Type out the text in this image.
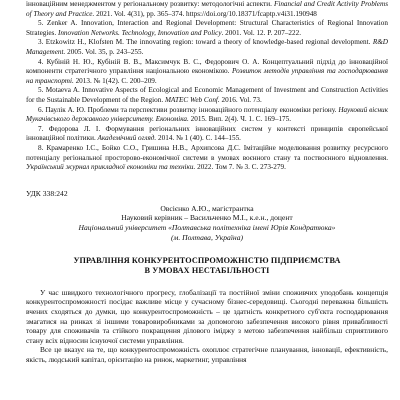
інноваційним менеджментом у регіональному розвитку: методологічні аспекти. Financial and Credit Activity Problems of Theory and Practice. 2021. Vol. 4(31), pp. 365–374. https://doi.org/10.18371/fcaptp.v4i31.190948

5. Zenker A. Innovation, Interaction and Regional Development: Structural Characteristics of Regional Innovation Strategies. Innovation Networks. Technology, Innovation and Policy. 2001. Vol. 12. P. 207–222.

3. Etzkowitz H., Klofsten M. The innovating region: toward a theory of knowledge-based regional development. R&D Management. 2005. Vol. 35, p. 243–255.

4. Кубіній Н. Ю., Кубіній В. В., Максимчук В. С., Федорович О. А. Концептуальний підхід до інноваційної компоненти стратегічного управління національною економікою. Розвиток методів управління та господарювання на транспорті. 2013. № 1(42). C. 200–209.

5. Motaeva A. Innovative Aspects of Ecological and Economic Management of Investment and Construction Activities for the Sustainable Development of the Region. MATEC Web Conf. 2016. Vol. 73.

6. Паулік А. Ю. Проблеми та перспективи розвитку інноваційного потенціалу економіки регіону. Науковий вісник Мукачівського державного університету. Економіка. 2015. Вип. 2(4). Ч. 1. С. 169–175.

7. Федорова Л. І. Формування регіональних інноваційних систем у контексті принципів європейської інноваційної політики. Академічний огляд. 2014. № 1 (40). С. 144–155.

8. Крамаренко І.С., Бойко С.О., Гришина Н.В., Архипсова Д.С. Імітаційне моделювання розвитку ресурсного потенціалу регіональної просторово-економічної системи в умовах воєнного стану та поствоєнного відновлення. Український журнал прикладної економіки та техніки. 2022. Том 7. № 3. С. 273-279.

УДК 338:242
Овсієнко А.Ю., магістрантка
Науковий керівник – Васильченко М.І., к.е.н., доцент
Національний університет «Полтавська політехніка імені Юрія Кондратюка»
(м. Полтава, Україна)
УПРАВЛІННЯ КОНКУРЕНТОСПРОМОЖНІСТЮ ПІДПРИЄМСТВА
В УМОВАХ НЕСТАБІЛЬНОСТІ

У час швидкого технологічного прогресу, глобалізації та постійної зміни споживчих уподобань концепція конкурентоспроможності посідає важливе місце у сучасному бізнес-середовищі. Сьогодні переважна більшість вчених сходяться до думки, що конкурентоспроможність – це здатність конкретного суб'єкта господарювання змагатися на ринках зі іншими товаровиробниками за допомогою забезпечення високого рівня привабливості товару для споживачів та стійкого покращення ділового іміджу з метою забезпечення найбільш сприятливого стану всіх відносин існуючої системи управління.

Все це вказує на те, що конкурентоспроможність охоплює стратегічне планування, інновації, ефективність, якість, людський капітал, орієнтацію на ринок, маркетинг, управління
